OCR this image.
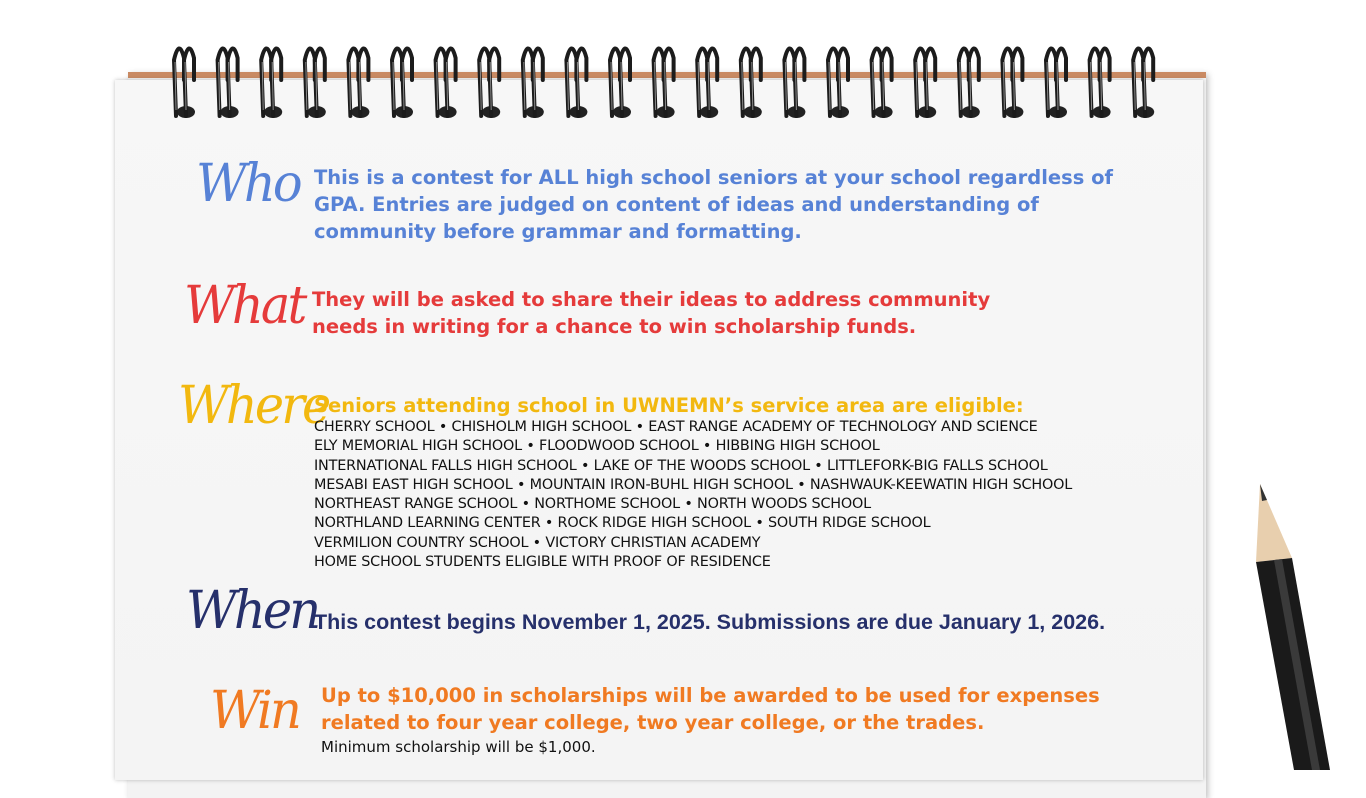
Who This is a contest for ALL high school seniors at your school regardless of GPA. Entries are judged on content of ideas and understanding of community before grammar and formatting.
What They will be asked to share their ideas to address community needs in writing for a chance to win scholarship funds.
Where
Seniors attending school in UWNEMN’s service area are eligible:
CHERRY SCHOOL • CHISHOLM HIGH SCHOOL • EAST RANGE ACADEMY OF TECHNOLOGY AND SCIENCE
ELY MEMORIAL HIGH SCHOOL • FLOODWOOD SCHOOL • HIBBING HIGH SCHOOL
INTERNATIONAL FALLS HIGH SCHOOL • LAKE OF THE WOODS SCHOOL • LITTLEFORK-BIG FALLS SCHOOL
MESABI EAST HIGH SCHOOL • MOUNTAIN IRON-BUHL HIGH SCHOOL • NASHWAUK-KEEWATIN HIGH SCHOOL
NORTHEAST RANGE SCHOOL • NORTHOME SCHOOL • NORTH WOODS SCHOOL
NORTHLAND LEARNING CENTER • ROCK RIDGE HIGH SCHOOL • SOUTH RIDGE SCHOOL
VERMILION COUNTRY SCHOOL • VICTORY CHRISTIAN ACADEMY
HOME SCHOOL STUDENTS ELIGIBLE WITH PROOF OF RESIDENCE
When
This contest begins November 1, 2025. Submissions are due January 1, 2026.
Win Up to $10,000 in scholarships will be awarded to be used for expenses related to four year college, two year college, or the trades.
Minimum scholarship will be $1,000.
